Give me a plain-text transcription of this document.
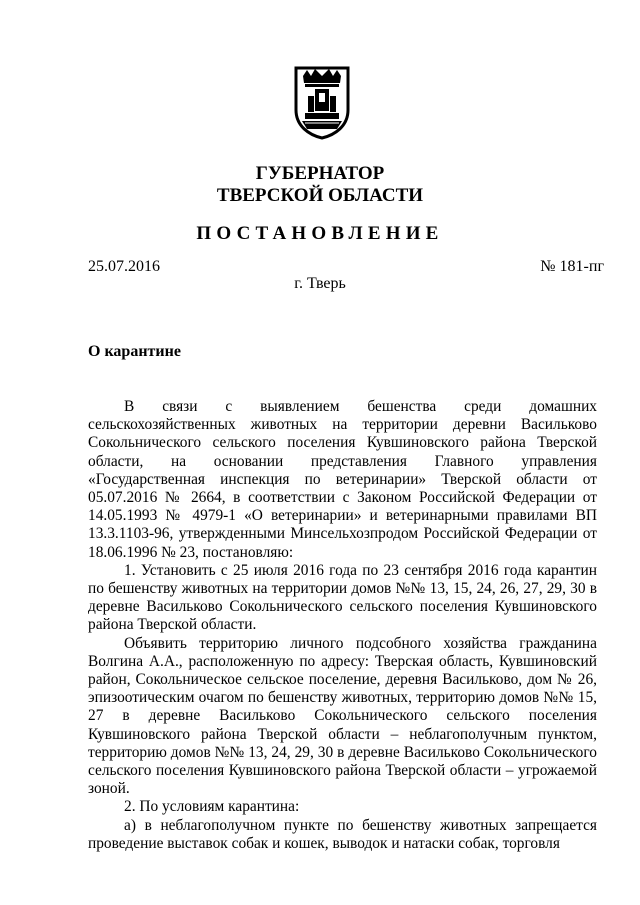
ГУБЕРНАТОР
ТВЕРСКОЙ ОБЛАСТИ
ПОСТАНОВЛЕНИЕ
25.07.2016	№ 181-пг
г. Тверь
О карантине

В связи с выявлением бешенства среди домашних сельскохозяйственных животных на территории деревни Васильково Сокольнического сельского поселения Кувшиновского района Тверской области, на основании представления Главного управления «Государственная инспекция по ветеринарии» Тверской области от 05.07.2016 № 2664, в соответствии с Законом Российской Федерации от 14.05.1993 № 4979-1 «О ветеринарии» и ветеринарными правилами ВП 13.3.1103-96, утвержденными Минсельхозпродом Российской Федерации от 18.06.1996 № 23, постановляю:

1. Установить с 25 июля 2016 года по 23 сентября 2016 года карантин по бешенству животных на территории домов №№ 13, 15, 24, 26, 27, 29, 30 в деревне Васильково Сокольнического сельского поселения Кувшиновского района Тверской области.

Объявить территорию личного подсобного хозяйства гражданина Волгина А.А., расположенную по адресу: Тверская область, Кувшиновский район, Сокольническое сельское поселение, деревня Васильково, дом № 26, эпизоотическим очагом по бешенству животных, территорию домов №№ 15, 27 в деревне Васильково Сокольнического сельского поселения Кувшиновского района Тверской области – неблагополучным пунктом, территорию домов №№ 13, 24, 29, 30 в деревне Васильково Сокольнического сельского поселения Кувшиновского района Тверской области – угрожаемой зоной.

2. По условиям карантина:

а) в неблагополучном пункте по бешенству животных запрещается проведение выставок собак и кошек, выводок и натаски собак, торговля
